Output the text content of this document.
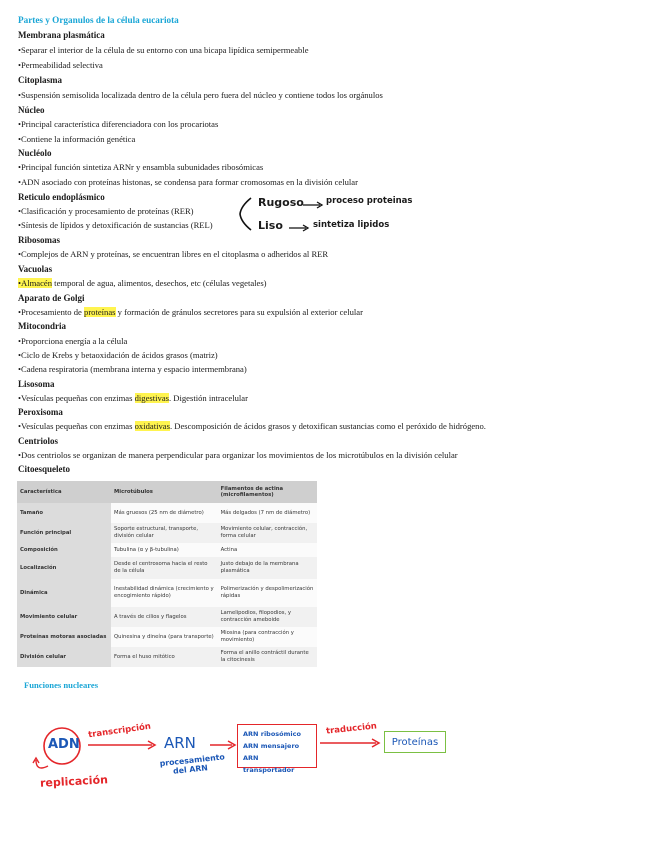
Partes y Organulos de la célula eucariota
Membrana plasmática
•Separar el interior de la célula de su entorno con una bicapa lipídica semipermeable
•Permeabilidad selectiva
Citoplasma
•Suspensión semisolida localizada dentro de la célula pero fuera del núcleo y contiene todos los orgánulos
Núcleo
•Principal característica diferenciadora con los procariotas
•Contiene la información genética
Nucléolo
•Principal función sintetiza ARNr y ensambla subunidades ribosómicas
•ADN asociado con proteínas histonas, se condensa para formar cromosomas en la división celular
Reticulo endoplásmico
•Clasificación y procesamiento de proteínas (RER)
•Síntesis de lípidos y detoxificación de sustancias (REL)
Rugoso	proceso proteinas
Liso	sintetiza lipidos
Ribosomas
•Complejos de ARN y proteínas, se encuentran libres en el citoplasma o adheridos al RER
Vacuolas
•Almacén temporal de agua, alimentos, desechos, etc (células vegetales)
Aparato de Golgi
•Procesamiento de proteínas y formación de gránulos secretores para su expulsión al exterior celular
Mitocondria
•Proporciona energía a la célula
•Ciclo de Krebs y betaoxidación de ácidos grasos (matriz)
•Cadena respiratoria (membrana interna y espacio intermembrana)
Lisosoma
•Vesículas pequeñas con enzimas digestivas. Digestión intracelular
Peroxisoma
•Vesículas pequeñas con enzimas oxidativas. Descomposición de ácidos grasos y detoxifican sustancias como el peróxido de hidrógeno.
Centriolos
•Dos centriolos se organizan de manera perpendicular para organizar los movimientos de los microtúbulos en la división celular
Citoesqueleto
Característica	Microtúbulos	Filamentos de actina (microfilamentos)
Tamaño	Más gruesos (25 nm de diámetro)	Más delgados (7 nm de diámetro)
Función principal	Soporte estructural, transporte, división celular	Movimiento celular, contracción, forma celular
Composición	Tubulina (α y β-tubulina)	Actina
Localización	Desde el centrosoma hacia el resto de la célula	Justo debajo de la membrana plasmática
Dinámica	Inestabilidad dinámica (crecimiento y encogimiento rápido)	Polimerización y despolimerización rápidas
Movimiento celular	A través de cilios y flagelos	Lamelipodios, filopodios, y contracción ameboide
Proteínas motoras asociadas	Quinesina y dineína (para transporte)	Miosina (para contracción y movimiento)
División celular	Forma el huso mitótico	Forma el anillo contráctil durante la citocinesis
Funciones nucleares
ADN
replicación
transcripción
ARN
procesamiento del ARN
ARN ribosómico
ARN mensajero
ARN transportador
traducción
Proteínas
